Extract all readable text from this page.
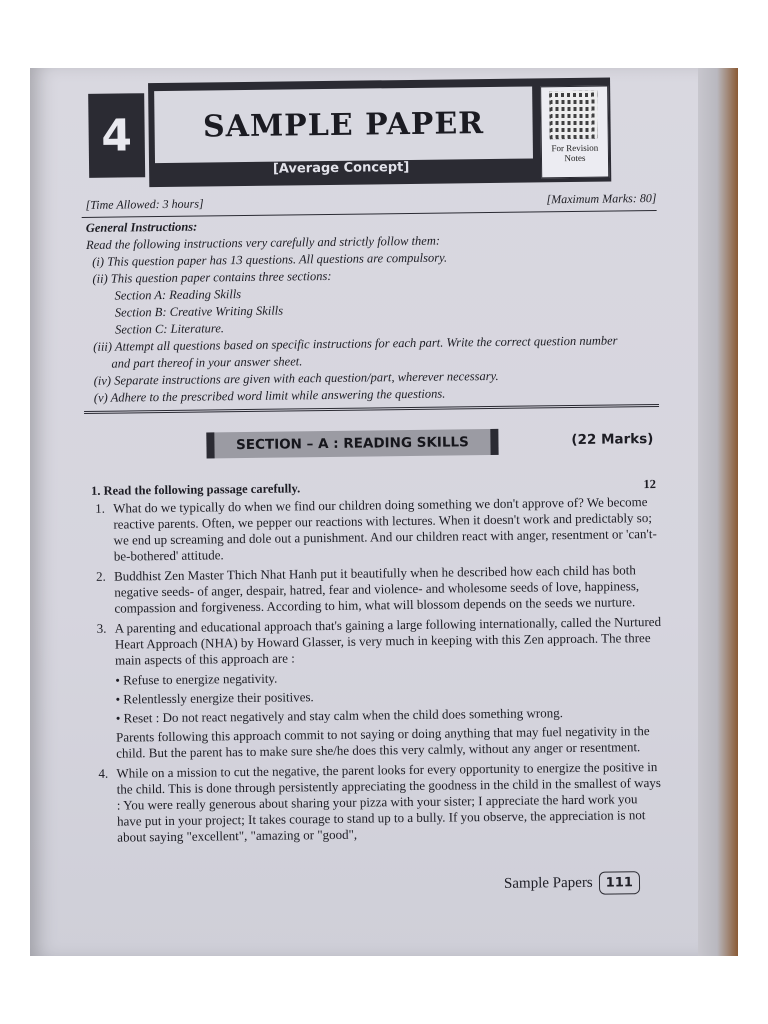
4	SAMPLE PAPER
[Average Concept]
For Revision Notes
[Time Allowed: 3 hours]	[Maximum Marks: 80]
General Instructions:
Read the following instructions very carefully and strictly follow them:
(i) This question paper has 13 questions. All questions are compulsory.
(ii) This question paper contains three sections:
Section A: Reading Skills
Section B: Creative Writing Skills
Section C: Literature.
(iii) Attempt all questions based on specific instructions for each part. Write the correct question number
and part thereof in your answer sheet.
(iv) Separate instructions are given with each question/part, wherever necessary.
(v) Adhere to the prescribed word limit while answering the questions.
SECTION – A : READING SKILLS	(22 Marks)
1. Read the following passage carefully.	12
1. What do we typically do when we find our children doing something we don't approve of? We become reactive parents. Often, we pepper our reactions with lectures. When it doesn't work and predictably so; we end up screaming and dole out a punishment. And our children react with anger, resentment or 'can't-be-bothered' attitude.
2. Buddhist Zen Master Thich Nhat Hanh put it beautifully when he described how each child has both negative seeds- of anger, despair, hatred, fear and violence- and wholesome seeds of love, happiness, compassion and forgiveness. According to him, what will blossom depends on the seeds we nurture.
3. A parenting and educational approach that's gaining a large following internationally, called the Nurtured Heart Approach (NHA) by Howard Glasser, is very much in keeping with this Zen approach. The three main aspects of this approach are :
• Refuse to energize negativity.
• Relentlessly energize their positives.
• Reset : Do not react negatively and stay calm when the child does something wrong.
Parents following this approach commit to not saying or doing anything that may fuel negativity in the child. But the parent has to make sure she/he does this very calmly, without any anger or resentment.
4. While on a mission to cut the negative, the parent looks for every opportunity to energize the positive in the child. This is done through persistently appreciating the goodness in the child in the smallest of ways : You were really generous about sharing your pizza with your sister; I appreciate the hard work you have put in your project; It takes courage to stand up to a bully. If you observe, the appreciation is not about saying "excellent", "amazing or "good",
Sample Papers 111
